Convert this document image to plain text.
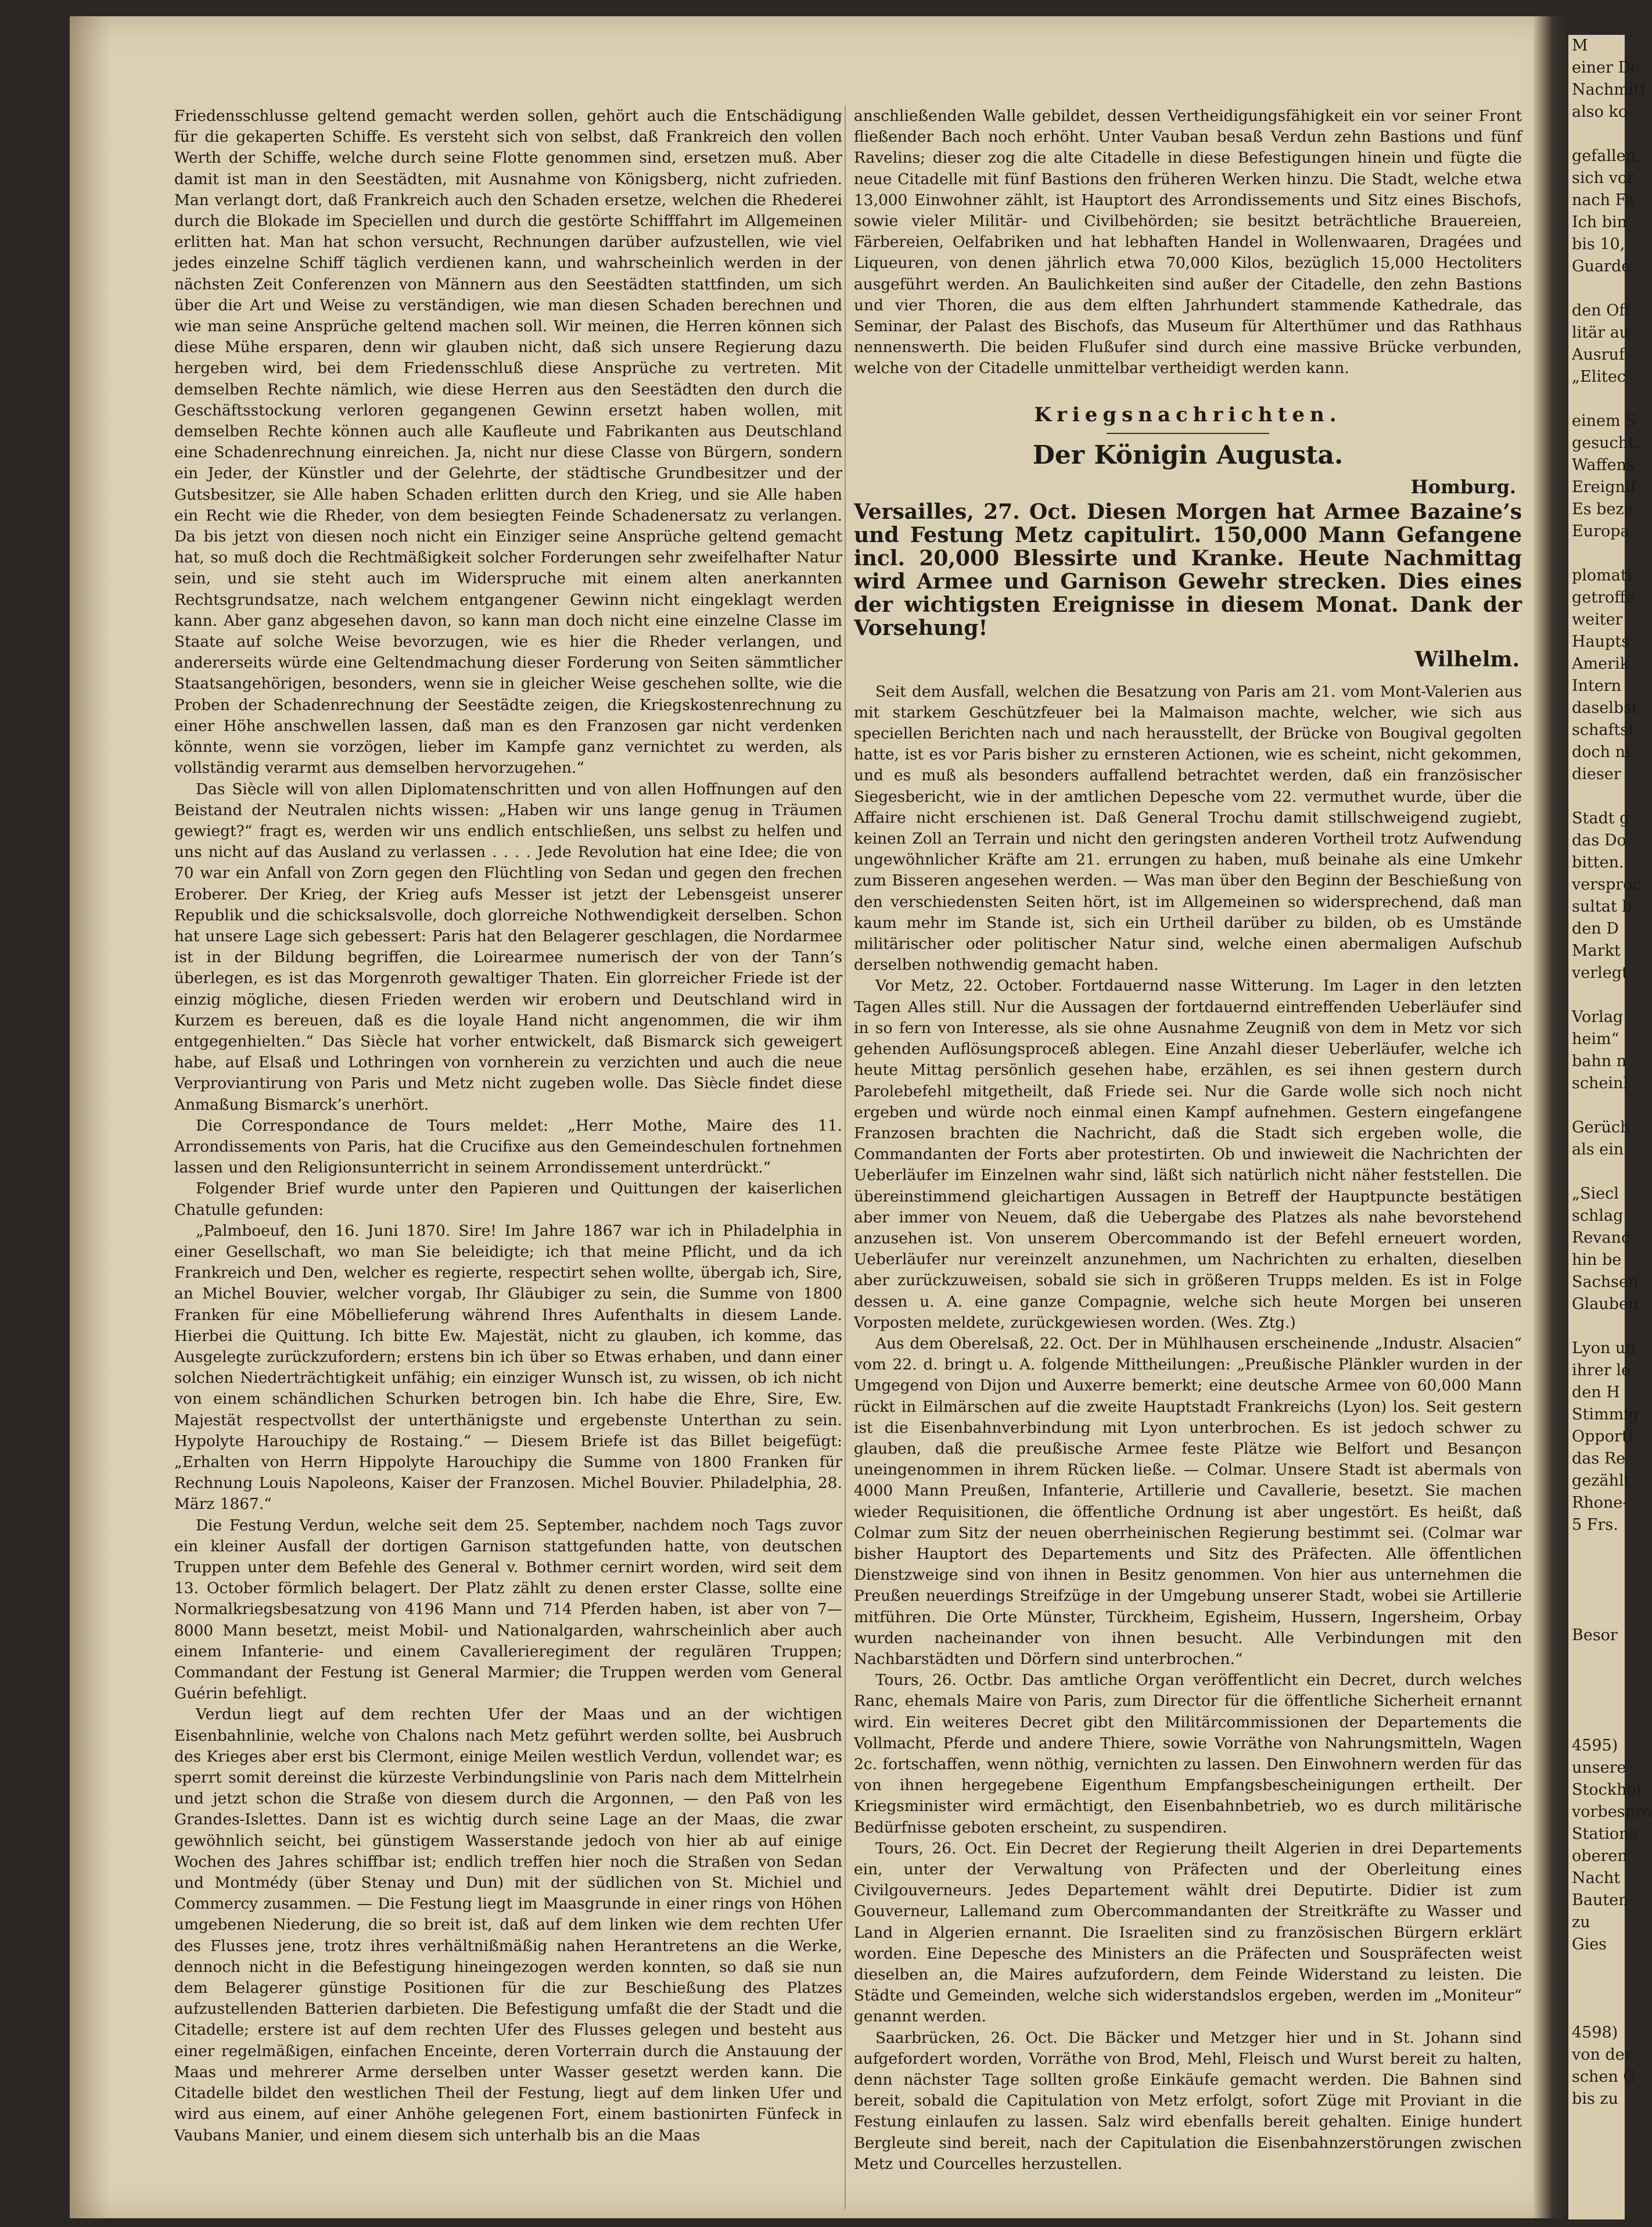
M
einer De
Nachmitt
also ko

gefallen,
sich vor
nach Fa
Ich bin
bis 10,
Guarde

den Off
litär au
Ausruf
„Elitec

einem S
gesucht.
Waffens
Ereignif
Es beze
Europa

plomati
getroffe
weiter
Haupts
Amerik
Intern
daselbst
schaftst
doch ni
dieser

Stadt g
das Do
bitten.
versproc
sultat b
den D
Markt
verlegt

Vorlag
heim“
bahn n
scheinl

Gerüch
als ein

„Siecl
schlag
Revanc
hin be
Sachsen
Glauben

Lyon un
ihrer le
den H
Stimmig
Opporti
das Re
gezählt
Rhone-
5 Frs.

Besor

4595)
unsere
Stockhol
vorbespro
Stations
oberen
Nacht
Bauten
zu
Gies

4598)
von der
schen G
bis zu

Friedensschlusse geltend gemacht werden sollen, gehört auch die Entschädigung für die gekaperten Schiffe. Es versteht sich von selbst, daß Frankreich den vollen Werth der Schiffe, welche durch seine Flotte genommen sind, ersetzen muß. Aber damit ist man in den Seestädten, mit Ausnahme von Königsberg, nicht zufrieden. Man verlangt dort, daß Frankreich auch den Schaden ersetze, welchen die Rhederei durch die Blokade im Speciellen und durch die gestörte Schifffahrt im Allgemeinen erlitten hat. Man hat schon versucht, Rechnungen darüber aufzustellen, wie viel jedes einzelne Schiff täglich verdienen kann, und wahrscheinlich werden in der nächsten Zeit Conferenzen von Männern aus den Seestädten stattfinden, um sich über die Art und Weise zu verständigen, wie man diesen Schaden berechnen und wie man seine Ansprüche geltend machen soll. Wir meinen, die Herren können sich diese Mühe ersparen, denn wir glauben nicht, daß sich unsere Regierung dazu hergeben wird, bei dem Friedensschluß diese Ansprüche zu vertreten. Mit demselben Rechte nämlich, wie diese Herren aus den Seestädten den durch die Geschäftsstockung verloren gegangenen Gewinn ersetzt haben wollen, mit demselben Rechte können auch alle Kaufleute und Fabrikanten aus Deutschland eine Schadenrechnung einreichen. Ja, nicht nur diese Classe von Bürgern, sondern ein Jeder, der Künstler und der Gelehrte, der städtische Grundbesitzer und der Gutsbesitzer, sie Alle haben Schaden erlitten durch den Krieg, und sie Alle haben ein Recht wie die Rheder, von dem besiegten Feinde Schadenersatz zu verlangen. Da bis jetzt von diesen noch nicht ein Einziger seine Ansprüche geltend gemacht hat, so muß doch die Rechtmäßigkeit solcher Forderungen sehr zweifelhafter Natur sein, und sie steht auch im Widerspruche mit einem alten anerkannten Rechtsgrundsatze, nach welchem entgangener Gewinn nicht eingeklagt werden kann. Aber ganz abgesehen davon, so kann man doch nicht eine einzelne Classe im Staate auf solche Weise bevorzugen, wie es hier die Rheder verlangen, und andererseits würde eine Geltendmachung dieser Forderung von Seiten sämmtlicher Staatsangehörigen, besonders, wenn sie in gleicher Weise geschehen sollte, wie die Proben der Schadenrechnung der Seestädte zeigen, die Kriegskostenrechnung zu einer Höhe anschwellen lassen, daß man es den Franzosen gar nicht verdenken könnte, wenn sie vorzögen, lieber im Kampfe ganz vernichtet zu werden, als vollständig verarmt aus demselben hervorzugehen.“

Das Siècle will von allen Diplomatenschritten und von allen Hoffnungen auf den Beistand der Neutralen nichts wissen: „Haben wir uns lange genug in Träumen gewiegt?“ fragt es, werden wir uns endlich entschließen, uns selbst zu helfen und uns nicht auf das Ausland zu verlassen . . . . Jede Revolution hat eine Idee; die von 70 war ein Anfall von Zorn gegen den Flüchtling von Sedan und gegen den frechen Eroberer. Der Krieg, der Krieg aufs Messer ist jetzt der Lebensgeist unserer Republik und die schicksalsvolle, doch glorreiche Nothwendigkeit derselben. Schon hat unsere Lage sich gebessert: Paris hat den Belagerer geschlagen, die Nordarmee ist in der Bildung begriffen, die Loirearmee numerisch der von der Tann’s überlegen, es ist das Morgenroth gewaltiger Thaten. Ein glorreicher Friede ist der einzig mögliche, diesen Frieden werden wir erobern und Deutschland wird in Kurzem es bereuen, daß es die loyale Hand nicht angenommen, die wir ihm entgegenhielten.“ Das Siècle hat vorher entwickelt, daß Bismarck sich geweigert habe, auf Elsaß und Lothringen von vornherein zu verzichten und auch die neue Verproviantirung von Paris und Metz nicht zugeben wolle. Das Siècle findet diese Anmaßung Bismarck’s unerhört.

Die Correspondance de Tours meldet: „Herr Mothe, Maire des 11. Arrondissements von Paris, hat die Crucifixe aus den Gemeindeschulen fortnehmen lassen und den Religionsunterricht in seinem Arrondissement unterdrückt.“

Folgender Brief wurde unter den Papieren und Quittungen der kaiserlichen Chatulle gefunden:

„Palmboeuf, den 16. Juni 1870. Sire! Im Jahre 1867 war ich in Philadelphia in einer Gesellschaft, wo man Sie beleidigte; ich that meine Pflicht, und da ich Frankreich und Den, welcher es regierte, respectirt sehen wollte, übergab ich, Sire, an Michel Bouvier, welcher vorgab, Ihr Gläubiger zu sein, die Summe von 1800 Franken für eine Möbellieferung während Ihres Aufenthalts in diesem Lande. Hierbei die Quittung. Ich bitte Ew. Majestät, nicht zu glauben, ich komme, das Ausgelegte zurückzufordern; erstens bin ich über so Etwas erhaben, und dann einer solchen Niederträchtigkeit unfähig; ein einziger Wunsch ist, zu wissen, ob ich nicht von einem schändlichen Schurken betrogen bin. Ich habe die Ehre, Sire, Ew. Majestät respectvollst der unterthänigste und ergebenste Unterthan zu sein. Hypolyte Harouchipy de Rostaing.“ — Diesem Briefe ist das Billet beigefügt: „Erhalten von Herrn Hippolyte Harouchipy die Summe von 1800 Franken für Rechnung Louis Napoleons, Kaiser der Franzosen. Michel Bouvier. Philadelphia, 28. März 1867.“

Die Festung Verdun, welche seit dem 25. September, nachdem noch Tags zuvor ein kleiner Ausfall der dortigen Garnison stattgefunden hatte, von deutschen Truppen unter dem Befehle des General v. Bothmer cernirt worden, wird seit dem 13. October förmlich belagert. Der Platz zählt zu denen erster Classe, sollte eine Normalkriegsbesatzung von 4196 Mann und 714 Pferden haben, ist aber von 7—8000 Mann besetzt, meist Mobil- und Nationalgarden, wahrscheinlich aber auch einem Infanterie- und einem Cavallerieregiment der regulären Truppen; Commandant der Festung ist General Marmier; die Truppen werden vom General Guérin befehligt.

Verdun liegt auf dem rechten Ufer der Maas und an der wichtigen Eisenbahnlinie, welche von Chalons nach Metz geführt werden sollte, bei Ausbruch des Krieges aber erst bis Clermont, einige Meilen westlich Verdun, vollendet war; es sperrt somit dereinst die kürzeste Verbindungslinie von Paris nach dem Mittelrhein und jetzt schon die Straße von diesem durch die Argonnen, — den Paß von les Grandes-Islettes. Dann ist es wichtig durch seine Lage an der Maas, die zwar gewöhnlich seicht, bei günstigem Wasserstande jedoch von hier ab auf einige Wochen des Jahres schiffbar ist; endlich treffen hier noch die Straßen von Sedan und Montmédy (über Stenay und Dun) mit der südlichen von St. Michiel und Commercy zusammen. — Die Festung liegt im Maasgrunde in einer rings von Höhen umgebenen Niederung, die so breit ist, daß auf dem linken wie dem rechten Ufer des Flusses jene, trotz ihres verhältnißmäßig nahen Herantretens an die Werke, dennoch nicht in die Befestigung hineingezogen werden konnten, so daß sie nun dem Belagerer günstige Positionen für die zur Beschießung des Platzes aufzustellenden Batterien darbieten. Die Befestigung umfaßt die der Stadt und die Citadelle; erstere ist auf dem rechten Ufer des Flusses gelegen und besteht aus einer regelmäßigen, einfachen Enceinte, deren Vorterrain durch die Anstauung der Maas und mehrerer Arme derselben unter Wasser gesetzt werden kann. Die Citadelle bildet den westlichen Theil der Festung, liegt auf dem linken Ufer und wird aus einem, auf einer Anhöhe gelegenen Fort, einem bastionirten Fünfeck in Vaubans Manier, und einem diesem sich unterhalb bis an die Maas

anschließenden Walle gebildet, dessen Vertheidigungsfähigkeit ein vor seiner Front fließender Bach noch erhöht. Unter Vauban besaß Verdun zehn Bastions und fünf Ravelins; dieser zog die alte Citadelle in diese Befestigungen hinein und fügte die neue Citadelle mit fünf Bastions den früheren Werken hinzu. Die Stadt, welche etwa 13,000 Einwohner zählt, ist Hauptort des Arrondissements und Sitz eines Bischofs, sowie vieler Militär- und Civilbehörden; sie besitzt beträchtliche Brauereien, Färbereien, Oelfabriken und hat lebhaften Handel in Wollenwaaren, Dragées und Liqueuren, von denen jährlich etwa 70,000 Kilos, bezüglich 15,000 Hectoliters ausgeführt werden. An Baulichkeiten sind außer der Citadelle, den zehn Bastions und vier Thoren, die aus dem elften Jahrhundert stammende Kathedrale, das Seminar, der Palast des Bischofs, das Museum für Alterthümer und das Rathhaus nennenswerth. Die beiden Flußufer sind durch eine massive Brücke verbunden, welche von der Citadelle unmittelbar vertheidigt werden kann.

Kriegsnachrichten.
Der Königin Augusta.
Homburg.
Versailles, 27. Oct. Diesen Morgen hat Armee Bazaine’s und Festung Metz capitulirt. 150,000 Mann Gefangene incl. 20,000 Blessirte und Kranke. Heute Nachmittag wird Armee und Garnison Gewehr strecken. Dies eines der wichtigsten Ereignisse in diesem Monat. Dank der Vorsehung!
Wilhelm.

Seit dem Ausfall, welchen die Besatzung von Paris am 21. vom Mont-Valerien aus mit starkem Geschützfeuer bei la Malmaison machte, welcher, wie sich aus speciellen Berichten nach und nach herausstellt, der Brücke von Bougival gegolten hatte, ist es vor Paris bisher zu ernsteren Actionen, wie es scheint, nicht gekommen, und es muß als besonders auffallend betrachtet werden, daß ein französischer Siegesbericht, wie in der amtlichen Depesche vom 22. vermuthet wurde, über die Affaire nicht erschienen ist. Daß General Trochu damit stillschweigend zugiebt, keinen Zoll an Terrain und nicht den geringsten anderen Vortheil trotz Aufwendung ungewöhnlicher Kräfte am 21. errungen zu haben, muß beinahe als eine Umkehr zum Bisseren angesehen werden. — Was man über den Beginn der Beschießung von den verschiedensten Seiten hört, ist im Allgemeinen so widersprechend, daß man kaum mehr im Stande ist, sich ein Urtheil darüber zu bilden, ob es Umstände militärischer oder politischer Natur sind, welche einen abermaligen Aufschub derselben nothwendig gemacht haben.

Vor Metz, 22. October. Fortdauernd nasse Witterung. Im Lager in den letzten Tagen Alles still. Nur die Aussagen der fortdauernd eintreffenden Ueberläufer sind in so fern von Interesse, als sie ohne Ausnahme Zeugniß von dem in Metz vor sich gehenden Auflösungsproceß ablegen. Eine Anzahl dieser Ueberläufer, welche ich heute Mittag persönlich gesehen habe, erzählen, es sei ihnen gestern durch Parolebefehl mitgetheilt, daß Friede sei. Nur die Garde wolle sich noch nicht ergeben und würde noch einmal einen Kampf aufnehmen. Gestern eingefangene Franzosen brachten die Nachricht, daß die Stadt sich ergeben wolle, die Commandanten der Forts aber protestirten. Ob und inwieweit die Nachrichten der Ueberläufer im Einzelnen wahr sind, läßt sich natürlich nicht näher feststellen. Die übereinstimmend gleichartigen Aussagen in Betreff der Hauptpuncte bestätigen aber immer von Neuem, daß die Uebergabe des Platzes als nahe bevorstehend anzusehen ist. Von unserem Obercommando ist der Befehl erneuert worden, Ueberläufer nur vereinzelt anzunehmen, um Nachrichten zu erhalten, dieselben aber zurückzuweisen, sobald sie sich in größeren Trupps melden. Es ist in Folge dessen u. A. eine ganze Compagnie, welche sich heute Morgen bei unseren Vorposten meldete, zurückgewiesen worden. (Wes. Ztg.)

Aus dem Oberelsaß, 22. Oct. Der in Mühlhausen erscheinende „Industr. Alsacien“ vom 22. d. bringt u. A. folgende Mittheilungen: „Preußische Plänkler wurden in der Umgegend von Dijon und Auxerre bemerkt; eine deutsche Armee von 60,000 Mann rückt in Eilmärschen auf die zweite Hauptstadt Frankreichs (Lyon) los. Seit gestern ist die Eisenbahnverbindung mit Lyon unterbrochen. Es ist jedoch schwer zu glauben, daß die preußische Armee feste Plätze wie Belfort und Besançon uneingenommen in ihrem Rücken ließe. — Colmar. Unsere Stadt ist abermals von 4000 Mann Preußen, Infanterie, Artillerie und Cavallerie, besetzt. Sie machen wieder Requisitionen, die öffentliche Ordnung ist aber ungestört. Es heißt, daß Colmar zum Sitz der neuen oberrheinischen Regierung bestimmt sei. (Colmar war bisher Hauptort des Departements und Sitz des Präfecten. Alle öffentlichen Dienstzweige sind von ihnen in Besitz genommen. Von hier aus unternehmen die Preußen neuerdings Streifzüge in der Umgebung unserer Stadt, wobei sie Artillerie mitführen. Die Orte Münster, Türckheim, Egisheim, Hussern, Ingersheim, Orbay wurden nacheinander von ihnen besucht. Alle Verbindungen mit den Nachbarstädten und Dörfern sind unterbrochen.“

Tours, 26. Octbr. Das amtliche Organ veröffentlicht ein Decret, durch welches Ranc, ehemals Maire von Paris, zum Director für die öffentliche Sicherheit ernannt wird. Ein weiteres Decret gibt den Militärcommissionen der Departements die Vollmacht, Pferde und andere Thiere, sowie Vorräthe von Nahrungsmitteln, Wagen 2c. fortschaffen, wenn nöthig, vernichten zu lassen. Den Einwohnern werden für das von ihnen hergegebene Eigenthum Empfangsbescheinigungen ertheilt. Der Kriegsminister wird ermächtigt, den Eisenbahnbetrieb, wo es durch militärische Bedürfnisse geboten erscheint, zu suspendiren.

Tours, 26. Oct. Ein Decret der Regierung theilt Algerien in drei Departements ein, unter der Verwaltung von Präfecten und der Oberleitung eines Civilgouverneurs. Jedes Departement wählt drei Deputirte. Didier ist zum Gouverneur, Lallemand zum Obercommandanten der Streitkräfte zu Wasser und Land in Algerien ernannt. Die Israeliten sind zu französischen Bürgern erklärt worden. Eine Depesche des Ministers an die Präfecten und Souspräfecten weist dieselben an, die Maires aufzufordern, dem Feinde Widerstand zu leisten. Die Städte und Gemeinden, welche sich widerstandslos ergeben, werden im „Moniteur“ genannt werden.

Saarbrücken, 26. Oct. Die Bäcker und Metzger hier und in St. Johann sind aufgefordert worden, Vorräthe von Brod, Mehl, Fleisch und Wurst bereit zu halten, denn nächster Tage sollten große Einkäufe gemacht werden. Die Bahnen sind bereit, sobald die Capitulation von Metz erfolgt, sofort Züge mit Proviant in die Festung einlaufen zu lassen. Salz wird ebenfalls bereit gehalten. Einige hundert Bergleute sind bereit, nach der Capitulation die Eisenbahnzerstörungen zwischen Metz und Courcelles herzustellen.
